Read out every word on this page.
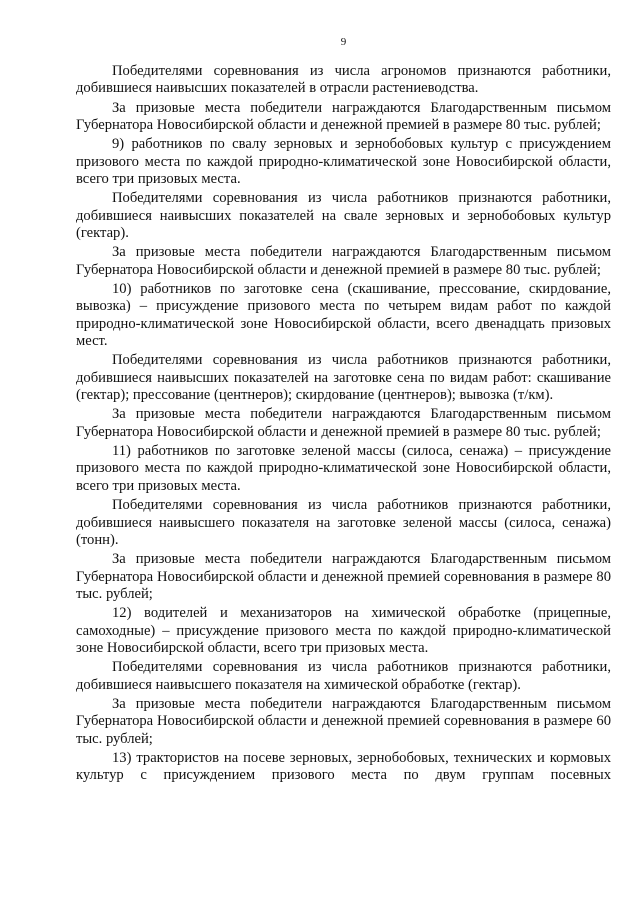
9

Победителями соревнования из числа агрономов признаются работники, добившиеся наивысших показателей в отрасли растениеводства.

За призовые места победители награждаются Благодарственным письмом Губернатора Новосибирской области и денежной премией в размере 80 тыс. рублей;

9) работников по свалу зерновых и зернобобовых культур с присуждением призового места по каждой природно-климатической зоне Новосибирской области, всего три призовых места.

Победителями соревнования из числа работников признаются работники, добившиеся наивысших показателей на свале зерновых и зернобобовых культур (гектар).

За призовые места победители награждаются Благодарственным письмом Губернатора Новосибирской области и денежной премией в размере 80 тыс. рублей;

10) работников по заготовке сена (скашивание, прессование, скирдование, вывозка) – присуждение призового места по четырем видам работ по каждой природно-климатической зоне Новосибирской области, всего двенадцать призовых мест.

Победителями соревнования из числа работников признаются работники, добившиеся наивысших показателей на заготовке сена по видам работ: скашивание (гектар); прессование (центнеров); скирдование (центнеров); вывозка (т/км).

За призовые места победители награждаются Благодарственным письмом Губернатора Новосибирской области и денежной премией в размере 80 тыс. рублей;

11) работников по заготовке зеленой массы (силоса, сенажа) – присуждение призового места по каждой природно-климатической зоне Новосибирской области, всего три призовых места.

Победителями соревнования из числа работников признаются работники, добившиеся наивысшего показателя на заготовке зеленой массы (силоса, сенажа) (тонн).

За призовые места победители награждаются Благодарственным письмом Губернатора Новосибирской области и денежной премией соревнования в размере 80 тыс. рублей;

12) водителей и механизаторов на химической обработке (прицепные, самоходные) – присуждение призового места по каждой природно-климатической зоне Новосибирской области, всего три призовых места.

Победителями соревнования из числа работников признаются работники, добившиеся наивысшего показателя на химической обработке (гектар).

За призовые места победители награждаются Благодарственным письмом Губернатора Новосибирской области и денежной премией соревнования в размере 60 тыс. рублей;

13) трактористов на посеве зерновых, зернобобовых, технических и кормовых культур с присуждением призового места по двум группам посевных
